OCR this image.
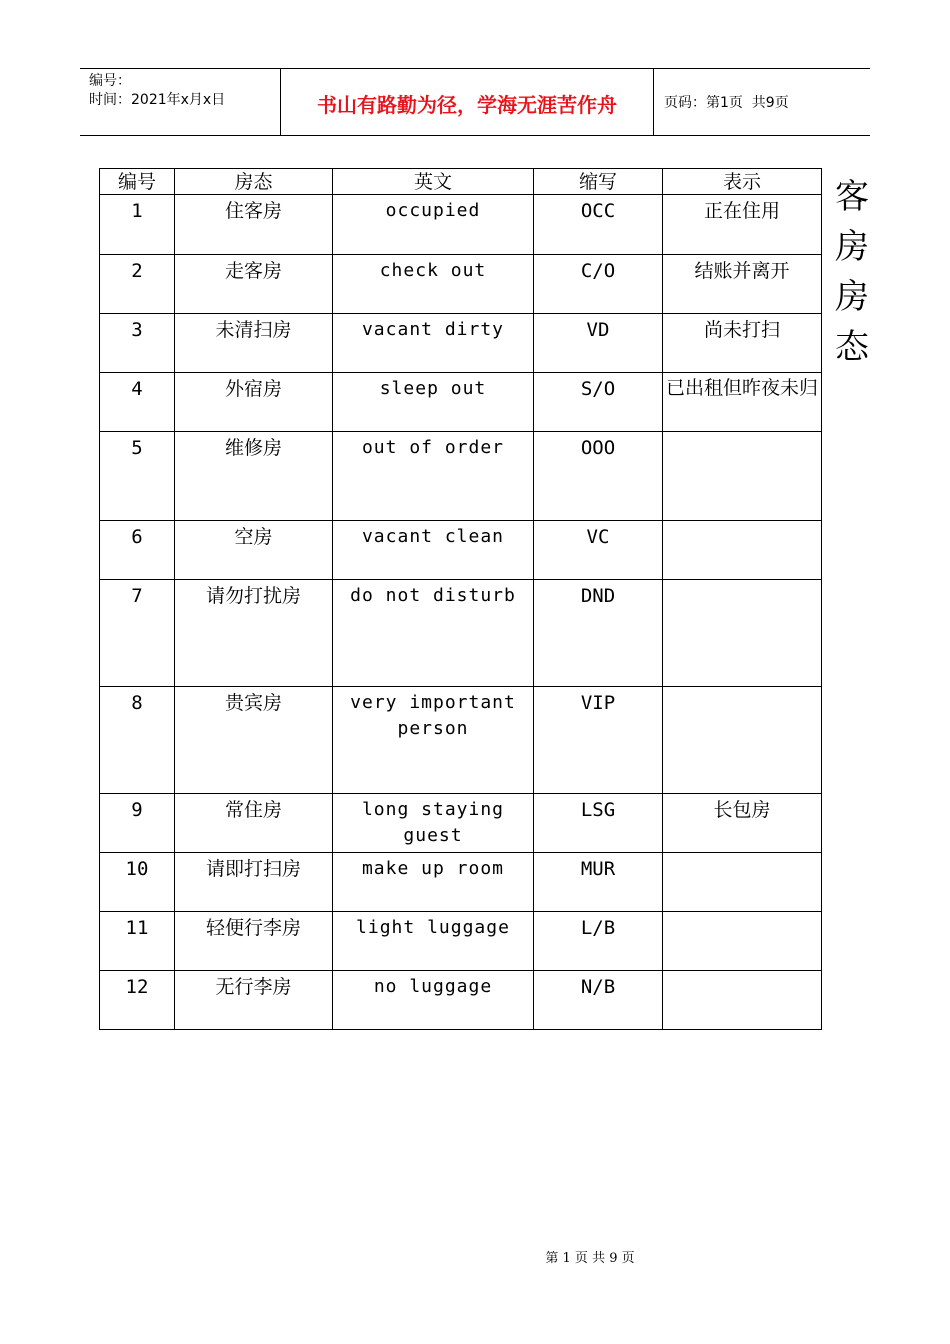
编号：
时间：2021年x月x日	书山有路勤为径，学海无涯苦作舟	页码：第1页  共9页
编号	房态	英文	缩写	表示
1	住客房	occupied	OCC	正在住用
2	走客房	check out	C/O	结账并离开
3	未清扫房	vacant dirty	VD	尚未打扫
4	外宿房	sleep out	S/O	已出租但昨夜未归
5	维修房	out of order	OOO	
6	空房	vacant clean	VC	
7	请勿打扰房	do not disturb	DND	
8	贵宾房	very important person	VIP	
9	常住房	long staying guest	LSG	长包房
10	请即打扫房	make up room	MUR	
11	轻便行李房	light luggage	L/B	
12	无行李房	no luggage	N/B	
客
房
房
态
第 1 页 共 9 页
